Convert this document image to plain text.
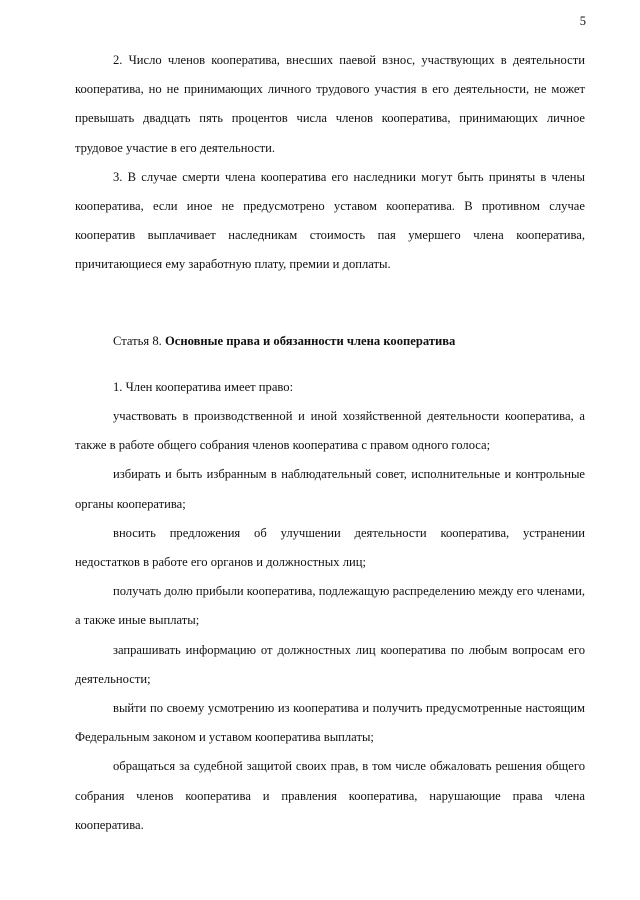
5

2. Число членов кооператива, внесших паевой взнос, участвующих в деятельности кооператива, но не принимающих личного трудового участия в его деятельности, не может превышать двадцать пять процентов числа членов кооператива, принимающих личное трудовое участие в его деятельности.

3. В случае смерти члена кооператива его наследники могут быть приняты в члены кооператива, если иное не предусмотрено уставом кооператива. В противном случае кооператив выплачивает наследникам стоимость пая умершего члена кооператива, причитающиеся ему заработную плату, премии и доплаты.

Статья 8. Основные права и обязанности члена кооператива

1. Член кооператива имеет право:

участвовать в производственной и иной хозяйственной деятельности кооператива, а также в работе общего собрания членов кооператива с правом одного голоса;

избирать и быть избранным в наблюдательный совет, исполнительные и контрольные органы кооператива;

вносить предложения об улучшении деятельности кооператива, устранении недостатков в работе его органов и должностных лиц;

получать долю прибыли кооператива, подлежащую распределению между его членами, а также иные выплаты;

запрашивать информацию от должностных лиц кооператива по любым вопросам его деятельности;

выйти по своему усмотрению из кооператива и получить предусмотренные настоящим Федеральным законом и уставом кооператива выплаты;

обращаться за судебной защитой своих прав, в том числе обжаловать решения общего собрания членов кооператива и правления кооператива, нарушающие права члена кооператива.
